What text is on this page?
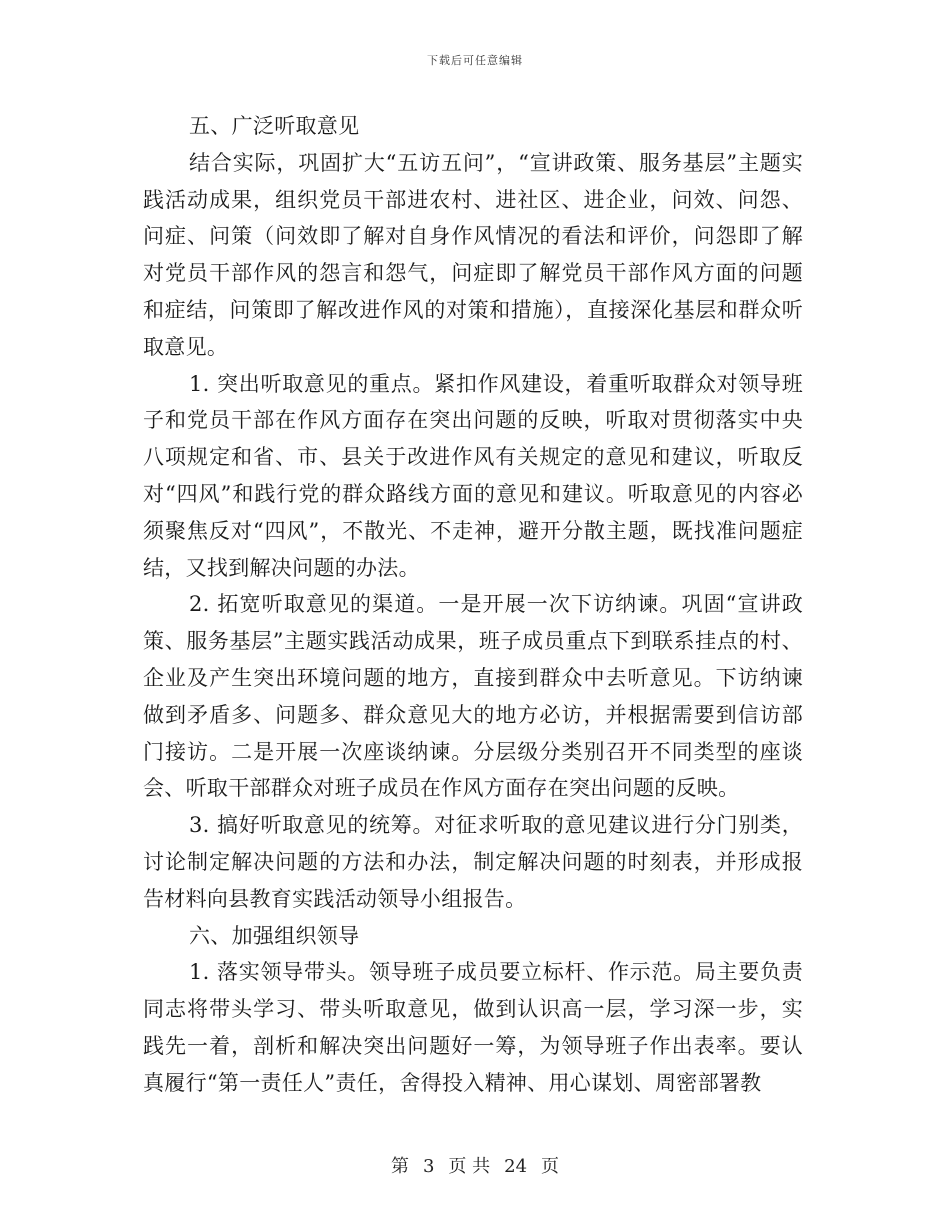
下载后可任意编辑

五、广泛听取意见

结合实际，巩固扩大“五访五问”，“宣讲政策、服务基层”主题实践活动成果，组织党员干部进农村、进社区、进企业，问效、问怨、问症、问策（问效即了解对自身作风情况的看法和评价，问怨即了解对党员干部作风的怨言和怨气，问症即了解党员干部作风方面的问题和症结，问策即了解改进作风的对策和措施），直接深化基层和群众听取意见。

1. 突出听取意见的重点。紧扣作风建设，着重听取群众对领导班子和党员干部在作风方面存在突出问题的反映，听取对贯彻落实中央八项规定和省、市、县关于改进作风有关规定的意见和建议，听取反对“四风”和践行党的群众路线方面的意见和建议。听取意见的内容必须聚焦反对“四风”，不散光、不走神，避开分散主题，既找准问题症结，又找到解决问题的办法。

2. 拓宽听取意见的渠道。一是开展一次下访纳谏。巩固“宣讲政策、服务基层”主题实践活动成果，班子成员重点下到联系挂点的村、企业及产生突出环境问题的地方，直接到群众中去听意见。下访纳谏做到矛盾多、问题多、群众意见大的地方必访，并根据需要到信访部门接访。二是开展一次座谈纳谏。分层级分类别召开不同类型的座谈会、听取干部群众对班子成员在作风方面存在突出问题的反映。

3. 搞好听取意见的统筹。对征求听取的意见建议进行分门别类，讨论制定解决问题的方法和办法，制定解决问题的时刻表，并形成报告材料向县教育实践活动领导小组报告。

六、加强组织领导

1. 落实领导带头。领导班子成员要立标杆、作示范。局主要负责同志将带头学习、带头听取意见，做到认识高一层，学习深一步，实践先一着，剖析和解决突出问题好一筹，为领导班子作出表率。要认真履行“第一责任人”责任，舍得投入精神、用心谋划、周密部署教

第 3 页 共 24 页
